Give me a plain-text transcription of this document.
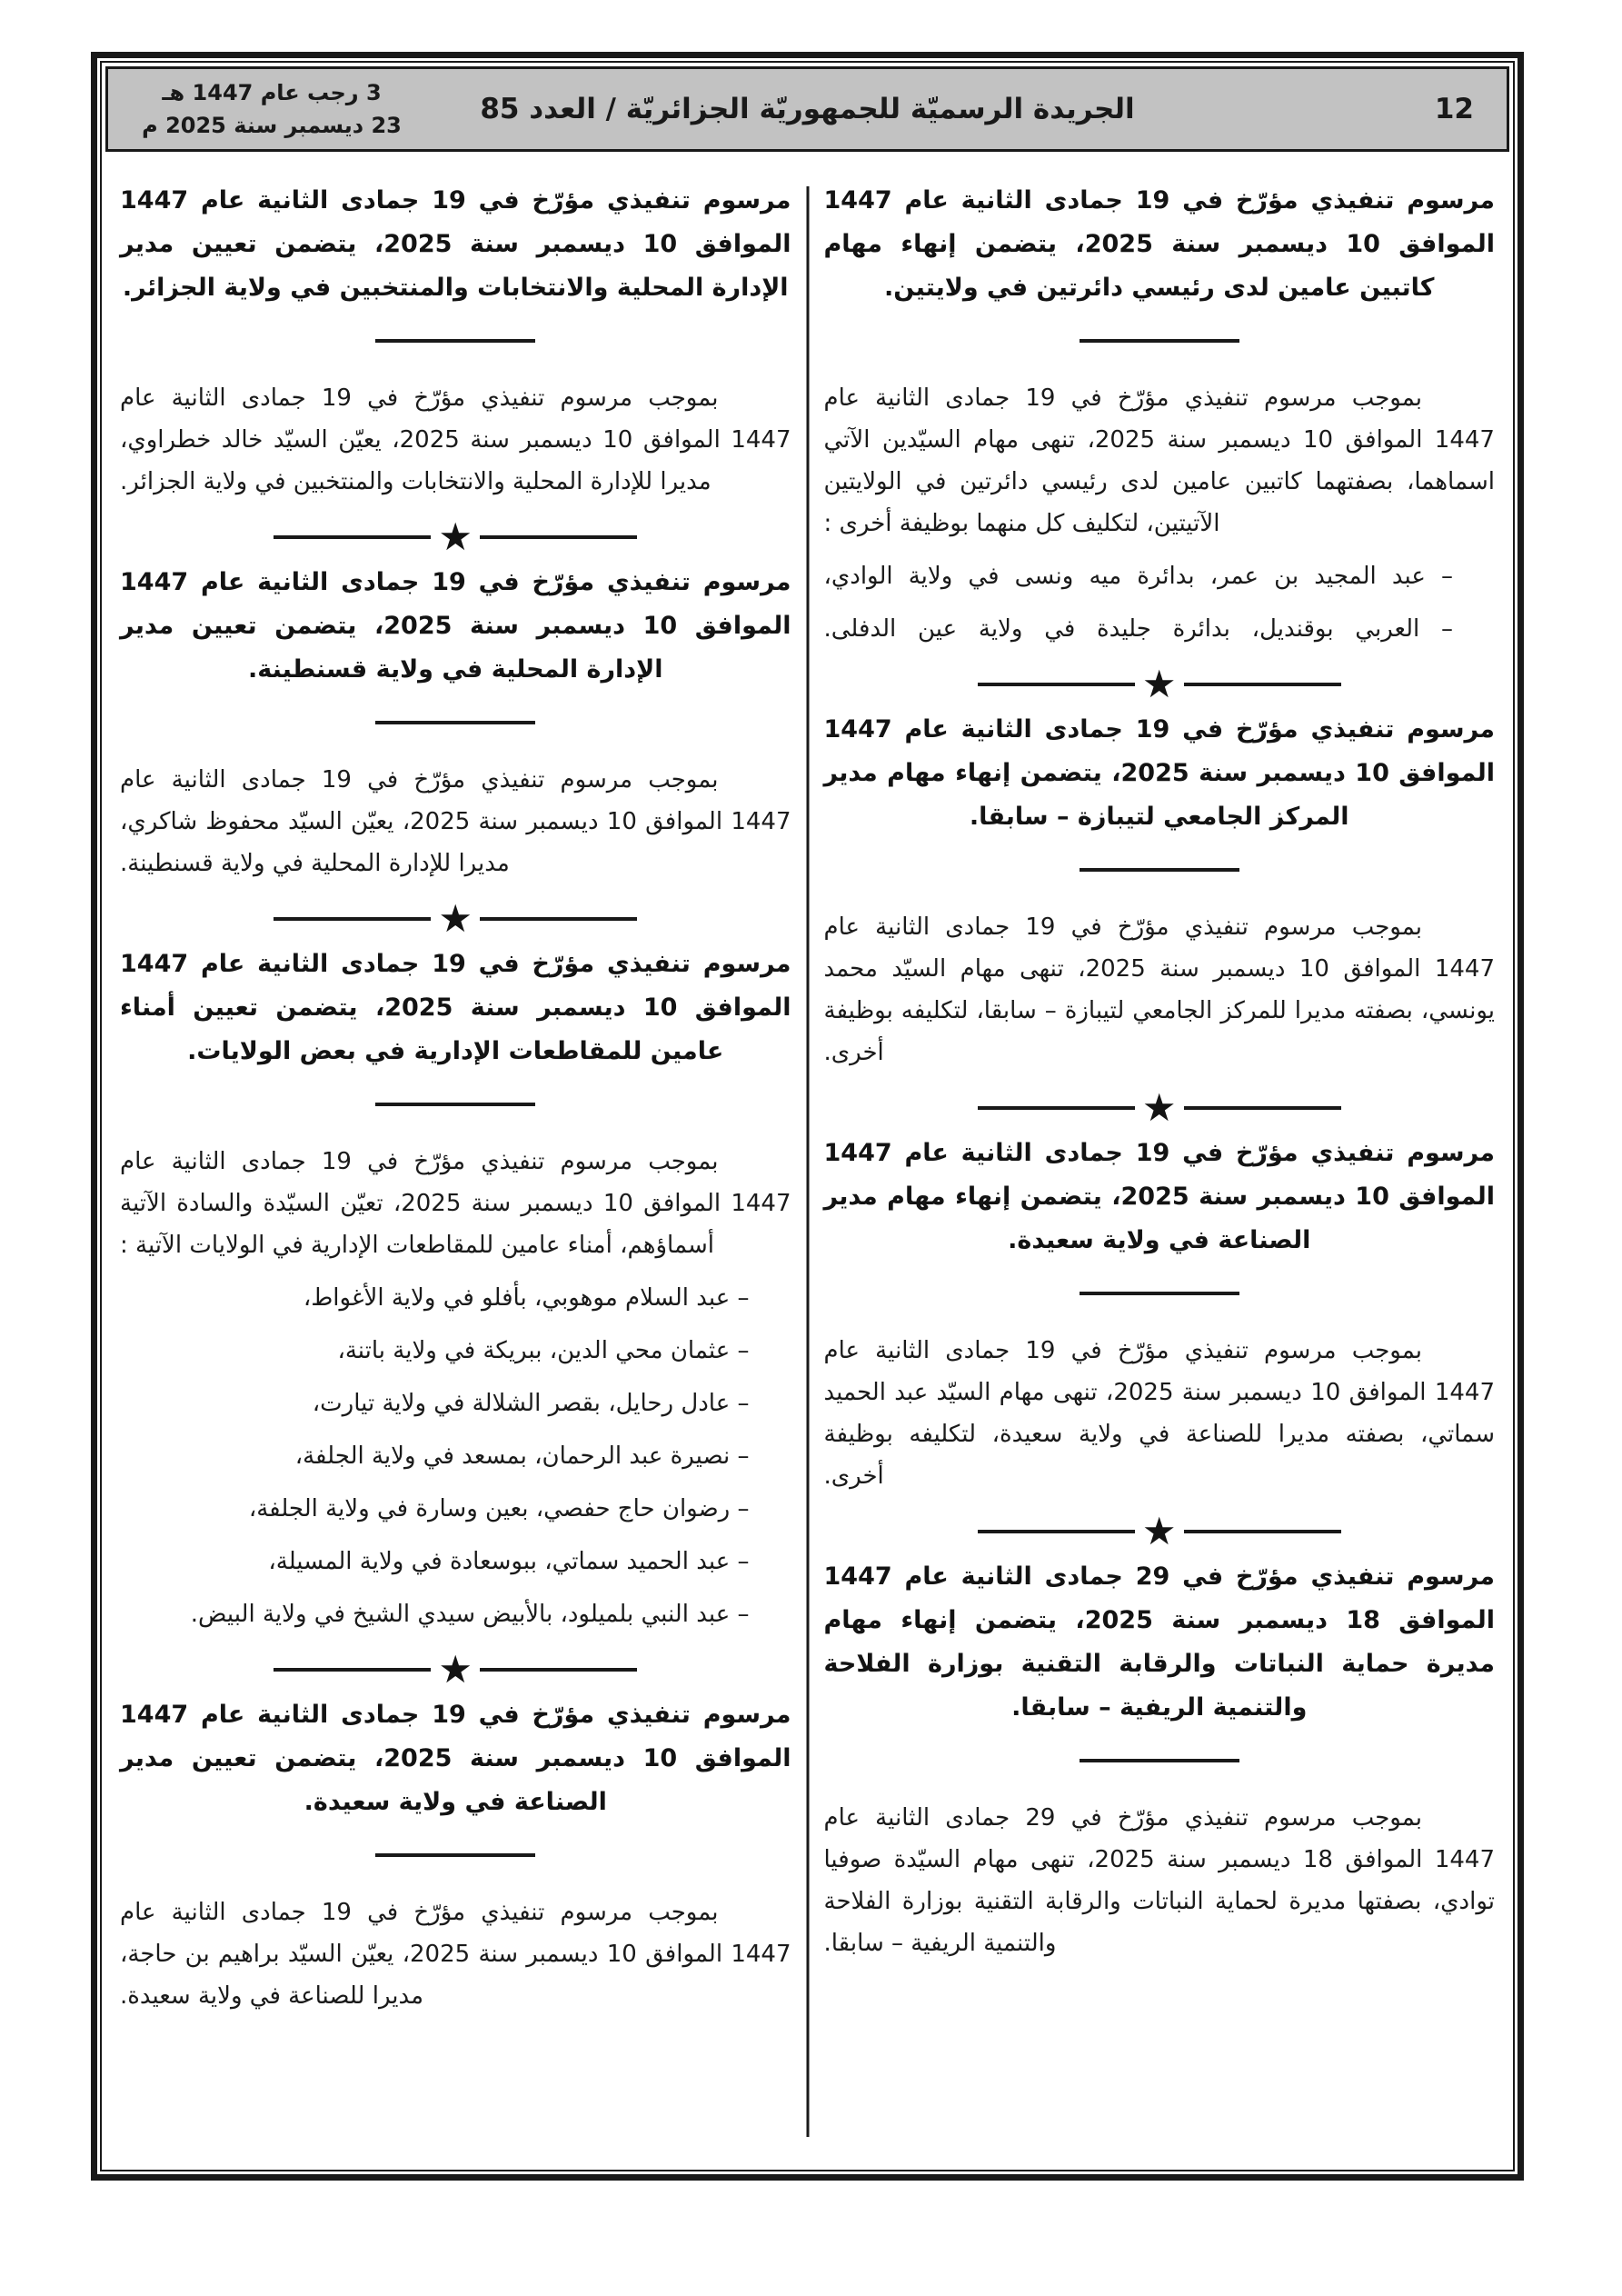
3 رجب عام 1447 هـ
23 ديسمبر سنة 2025 م	الجريدة الرسميّة للجمهوريّة الجزائريّة / العدد 85	12
مرسوم تنفيذي مؤرّخ في 19 جمادى الثانية عام 1447 الموافق 10 ديسمبر سنة 2025، يتضمن إنهاء مهام كاتبين عامين لدى رئيسي دائرتين في ولايتين.

بموجب مرسوم تنفيذي مؤرّخ في 19 جمادى الثانية عام 1447 الموافق 10 ديسمبر سنة 2025، تنهى مهام السيّدين الآتي اسماهما، بصفتهما كاتبين عامين لدى رئيسي دائرتين في الولايتين الآتيتين، لتكليف كل منهما بوظيفة أخرى :

– عبد المجيد بن عمر، بدائرة ميه ونسى في ولاية الوادي،

– العربي بوقنديل، بدائرة جليدة في ولاية عين الدفلى.

★
مرسوم تنفيذي مؤرّخ في 19 جمادى الثانية عام 1447 الموافق 10 ديسمبر سنة 2025، يتضمن إنهاء مهام مدير المركز الجامعي لتيبازة – سابقا.

بموجب مرسوم تنفيذي مؤرّخ في 19 جمادى الثانية عام 1447 الموافق 10 ديسمبر سنة 2025، تنهى مهام السيّد محمد يونسي، بصفته مديرا للمركز الجامعي لتيبازة – سابقا، لتكليفه بوظيفة أخرى.

★
مرسوم تنفيذي مؤرّخ في 19 جمادى الثانية عام 1447 الموافق 10 ديسمبر سنة 2025، يتضمن إنهاء مهام مدير الصناعة في ولاية سعيدة.

بموجب مرسوم تنفيذي مؤرّخ في 19 جمادى الثانية عام 1447 الموافق 10 ديسمبر سنة 2025، تنهى مهام السيّد عبد الحميد سماتي، بصفته مديرا للصناعة في ولاية سعيدة، لتكليفه بوظيفة أخرى.

★
مرسوم تنفيذي مؤرّخ في 29 جمادى الثانية عام 1447 الموافق 18 ديسمبر سنة 2025، يتضمن إنهاء مهام مديرة حماية النباتات والرقابة التقنية بوزارة الفلاحة والتنمية الريفية – سابقا.

بموجب مرسوم تنفيذي مؤرّخ في 29 جمادى الثانية عام 1447 الموافق 18 ديسمبر سنة 2025، تنهى مهام السيّدة صوفيا توادي، بصفتها مديرة لحماية النباتات والرقابة التقنية بوزارة الفلاحة والتنمية الريفية – سابقا.

مرسوم تنفيذي مؤرّخ في 19 جمادى الثانية عام 1447 الموافق 10 ديسمبر سنة 2025، يتضمن تعيين مدير الإدارة المحلية والانتخابات والمنتخبين في ولاية الجزائر.

بموجب مرسوم تنفيذي مؤرّخ في 19 جمادى الثانية عام 1447 الموافق 10 ديسمبر سنة 2025، يعيّن السيّد خالد خطراوي، مديرا للإدارة المحلية والانتخابات والمنتخبين في ولاية الجزائر.

★
مرسوم تنفيذي مؤرّخ في 19 جمادى الثانية عام 1447 الموافق 10 ديسمبر سنة 2025، يتضمن تعيين مدير الإدارة المحلية في ولاية قسنطينة.

بموجب مرسوم تنفيذي مؤرّخ في 19 جمادى الثانية عام 1447 الموافق 10 ديسمبر سنة 2025، يعيّن السيّد محفوظ شاكري، مديرا للإدارة المحلية في ولاية قسنطينة.

★
مرسوم تنفيذي مؤرّخ في 19 جمادى الثانية عام 1447 الموافق 10 ديسمبر سنة 2025، يتضمن تعيين أمناء عامين للمقاطعات الإدارية في بعض الولايات.

بموجب مرسوم تنفيذي مؤرّخ في 19 جمادى الثانية عام 1447 الموافق 10 ديسمبر سنة 2025، تعيّن السيّدة والسادة الآتية أسماؤهم، أمناء عامين للمقاطعات الإدارية في الولايات الآتية :

– عبد السلام موهوبي، بأفلو في ولاية الأغواط،

– عثمان محي الدين، ببريكة في ولاية باتنة،

– عادل رحايل، بقصر الشلالة في ولاية تيارت،

– نصيرة عبد الرحمان، بمسعد في ولاية الجلفة،

– رضوان حاج حفصي، بعين وسارة في ولاية الجلفة،

– عبد الحميد سماتي، ببوسعادة في ولاية المسيلة،

– عبد النبي بلميلود، بالأبيض سيدي الشيخ في ولاية البيض.

★
مرسوم تنفيذي مؤرّخ في 19 جمادى الثانية عام 1447 الموافق 10 ديسمبر سنة 2025، يتضمن تعيين مدير الصناعة في ولاية سعيدة.

بموجب مرسوم تنفيذي مؤرّخ في 19 جمادى الثانية عام 1447 الموافق 10 ديسمبر سنة 2025، يعيّن السيّد براهيم بن حاجة، مديرا للصناعة في ولاية سعيدة.
